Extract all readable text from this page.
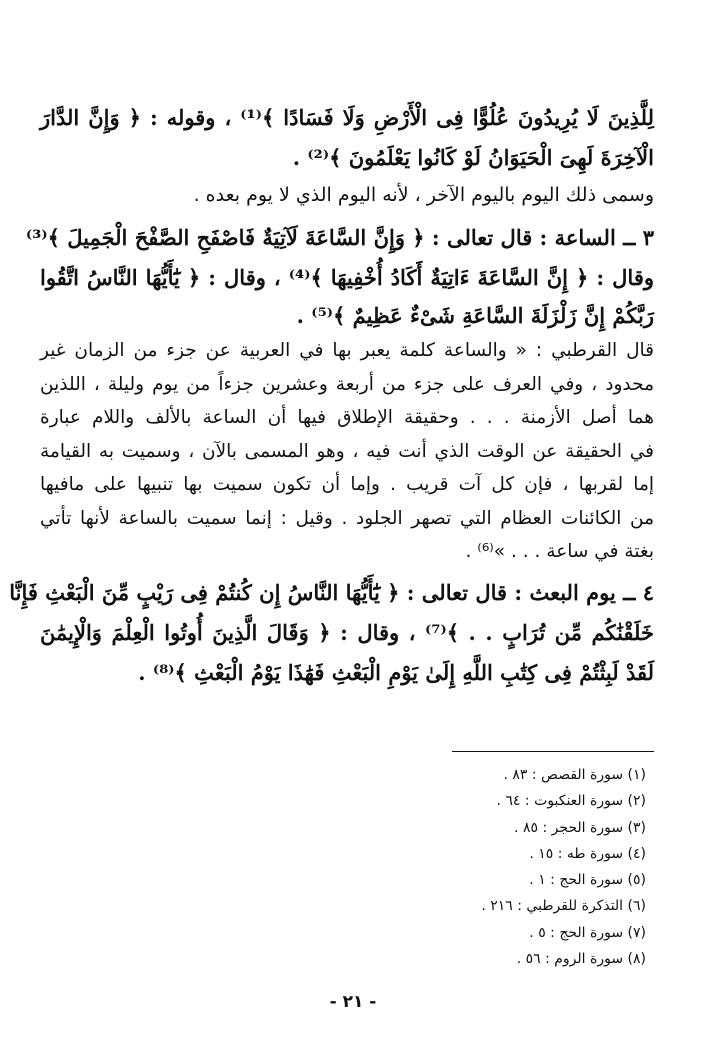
لِلَّذِينَ لَا يُرِيدُونَ عُلُوًّا فِى الْأَرْضِ وَلَا فَسَادًا ﴾⁽¹⁾ ، وقوله : ﴿ وَإِنَّ الدَّارَ
الْآخِرَةَ لَهِىَ الْحَيَوَانُ لَوْ كَانُوا يَعْلَمُونَ ﴾⁽²⁾ .
وسمى ذلك اليوم باليوم الآخر ، لأنه اليوم الذي لا يوم بعده .
٣ ــ الساعة : قال تعالى : ﴿ وَإِنَّ السَّاعَةَ لَآتِيَةٌ فَاصْفَحِ الصَّفْحَ الْجَمِيلَ ﴾⁽³⁾
وقال : ﴿ إِنَّ السَّاعَةَ ءَاتِيَةٌ أَكَادُ أُخْفِيهَا ﴾⁽⁴⁾ ، وقال : ﴿ يَٰٓأَيُّهَا النَّاسُ اتَّقُوا
رَبَّكُمْ إِنَّ زَلْزَلَةَ السَّاعَةِ شَىْءٌ عَظِيمٌ ﴾⁽⁵⁾ .
قال القرطبي : « والساعة كلمة يعبر بها في العربية عن جزء من الزمان غير
محدود ، وفي العرف على جزء من أربعة وعشرين جزءاً من يوم وليلة ، اللذين
هما أصل الأزمنة . . . وحقيقة الإطلاق فيها أن الساعة بالألف واللام عبارة
في الحقيقة عن الوقت الذي أنت فيه ، وهو المسمى بالآن ، وسميت به القيامة
إما لقربها ، فإن كل آت قريب . وإما أن تكون سميت بها تنبيها على مافيها
من الكائنات العظام التي تصهر الجلود . وقيل : إنما سميت بالساعة لأنها تأتي
بغتة في ساعة . . . »⁽⁶⁾ .
٤ ــ يوم البعث : قال تعالى : ﴿ يَٰٓأَيُّهَا النَّاسُ إِن كُنتُمْ فِى رَيْبٍ مِّنَ الْبَعْثِ فَإِنَّا
خَلَقْنَٰكُم مِّن تُرَابٍ . . ﴾⁽⁷⁾ ، وقال : ﴿ وَقَالَ الَّذِينَ أُوتُوا الْعِلْمَ وَالْإِيمَٰنَ
لَقَدْ لَبِثْتُمْ فِى كِتَٰبِ اللَّهِ إِلَىٰ يَوْمِ الْبَعْثِ فَهَٰذَا يَوْمُ الْبَعْثِ ﴾⁽⁸⁾ .
(١) سورة القصص : ٨٣ .
(٢) سورة العنكبوت : ٦٤ .
(٣) سورة الحجر : ٨٥ .
(٤) سورة طه : ١٥ .
(٥) سورة الحج : ١ .
(٦) التذكرة للقرطبي : ٢١٦ .
(٧) سورة الحج : ٥ .
(٨) سورة الروم : ٥٦ .
- ٢١ -
